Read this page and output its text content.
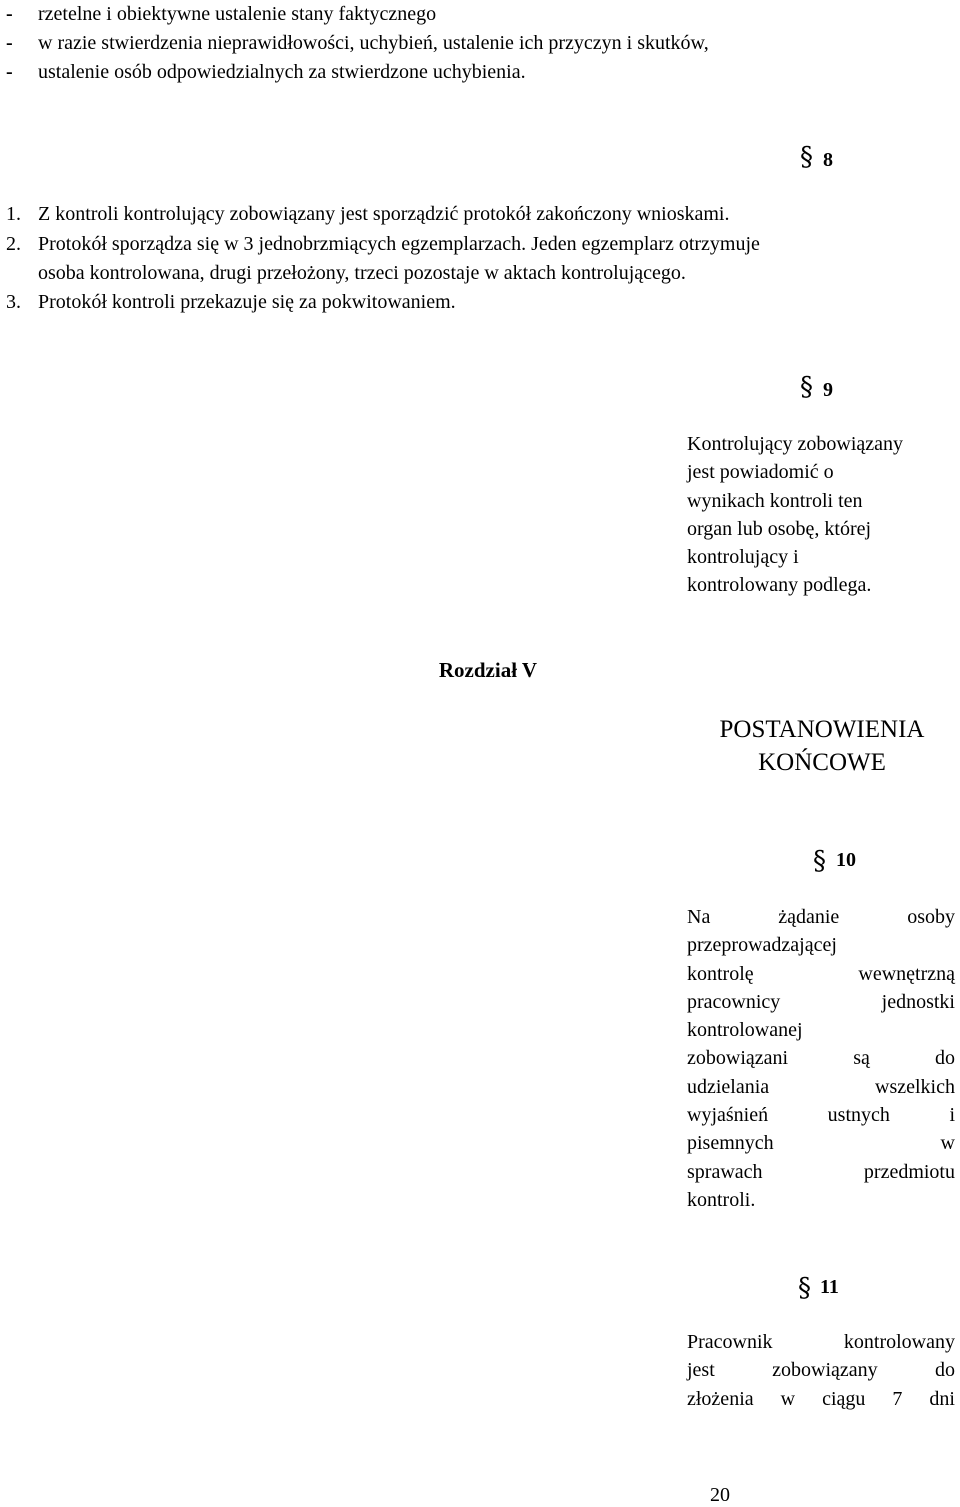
- rzetelne i obiektywne ustalenie stany faktycznego
- w razie stwierdzenia nieprawidłowości, uchybień, ustalenie ich przyczyn i skutków,
- ustalenie osób odpowiedzialnych za stwierdzone uchybienia.
§ 8
1. Z kontroli kontrolujący zobowiązany jest sporządzić protokół zakończony wnioskami.
2. Protokół sporządza się w 3 jednobrzmiących egzemplarzach. Jeden egzemplarz otrzymuje
osoba kontrolowana, drugi przełożony, trzeci pozostaje w aktach kontrolującego.
3. Protokół kontroli przekazuje się za pokwitowaniem.
§ 9
Kontrolujący zobowiązany
jest powiadomić o
wynikach kontroli ten
organ lub osobę, której
kontrolujący i
kontrolowany podlega.
Rozdział V
POSTANOWIENIA
KOŃCOWE
§ 10
Na	żądanie	osoby
przeprowadzającej
kontrolę	wewnętrzną
pracownicy	jednostki
kontrolowanej
zobowiązani	są	do
udzielania	wszelkich
wyjaśnień	ustnych	i
pisemnych	w
sprawach	przedmiotu
kontroli.
§ 11
Pracownik	kontrolowany
jest	zobowiązany	do
złożenia w ciągu 7 dni
20
